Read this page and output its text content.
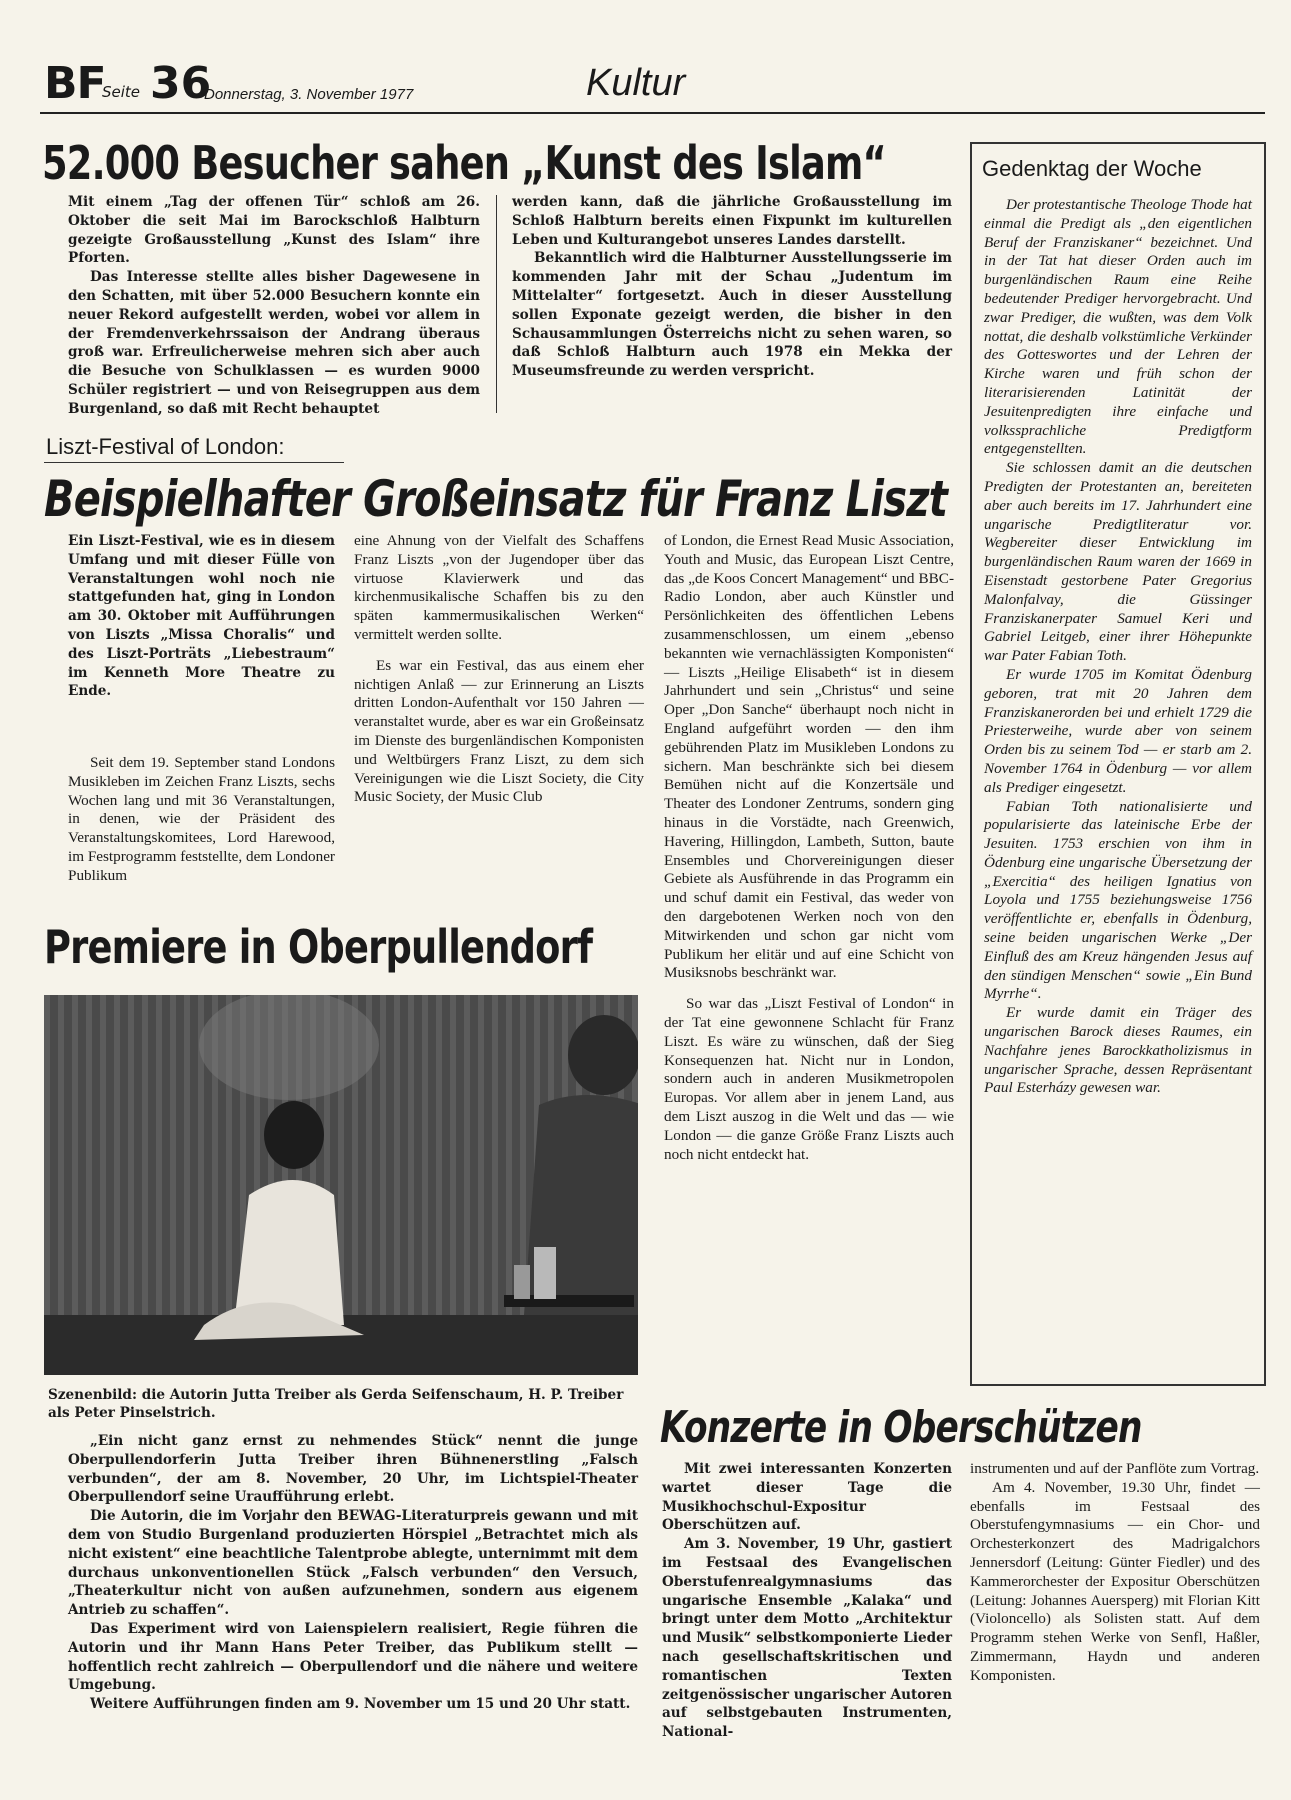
BF
Seite 36
Donnerstag, 3. November 1977	Kultur
52.000 Besucher sahen „Kunst des Islam“

Mit einem „Tag der offenen Tür“ schloß am 26. Oktober die seit Mai im Barockschloß Halbturn gezeigte Großausstellung „Kunst des Islam“ ihre Pforten.

Das Interesse stellte alles bisher Dagewesene in den Schatten, mit über 52.000 Besuchern konnte ein neuer Rekord aufgestellt werden, wobei vor allem in der Fremdenverkehrssaison der Andrang überaus groß war. Erfreulicherweise mehren sich aber auch die Besuche von Schulklassen — es wurden 9000 Schüler registriert — und von Reisegruppen aus dem Burgenland, so daß mit Recht behauptet

werden kann, daß die jährliche Großausstellung im Schloß Halbturn bereits einen Fixpunkt im kulturellen Leben und Kulturangebot unseres Landes darstellt.

Bekanntlich wird die Halbturner Ausstellungsserie im kommenden Jahr mit der Schau „Judentum im Mittelalter“ fortgesetzt. Auch in dieser Ausstellung sollen Exponate gezeigt werden, die bisher in den Schausammlungen Österreichs nicht zu sehen waren, so daß Schloß Halbturn auch 1978 ein Mekka der Museumsfreunde zu werden verspricht.

Liszt-Festival of London:
Beispielhafter Großeinsatz für Franz Liszt

Ein Liszt-Festival, wie es in diesem Umfang und mit dieser Fülle von Veranstaltungen wohl noch nie stattgefunden hat, ging in London am 30. Oktober mit Aufführungen von Liszts „Missa Choralis“ und des Liszt-Porträts „Liebestraum“ im Kenneth More Theatre zu Ende.

Seit dem 19. September stand Londons Musikleben im Zeichen Franz Liszts, sechs Wochen lang und mit 36 Veranstaltungen, in denen, wie der Präsident des Veranstaltungskomitees, Lord Harewood, im Festprogramm feststellte, dem Londoner Publikum

eine Ahnung von der Vielfalt des Schaffens Franz Liszts „von der Jugendoper über das virtuose Klavierwerk und das kirchenmusikalische Schaffen bis zu den späten kammermusikalischen Werken“ vermittelt werden sollte.

Es war ein Festival, das aus einem eher nichtigen Anlaß — zur Erinnerung an Liszts dritten London-Aufenthalt vor 150 Jahren — veranstaltet wurde, aber es war ein Großeinsatz im Dienste des burgenländischen Komponisten und Weltbürgers Franz Liszt, zu dem sich Vereinigungen wie die Liszt Society, die City Music Society, der Music Club

of London, die Ernest Read Music Association, Youth and Music, das European Liszt Centre, das „de Koos Concert Management“ und BBC-Radio London, aber auch Künstler und Persönlichkeiten des öffentlichen Lebens zusammenschlossen, um einem „ebenso bekannten wie vernachlässigten Komponisten“ — Liszts „Heilige Elisabeth“ ist in diesem Jahrhundert und sein „Christus“ und seine Oper „Don Sanche“ überhaupt noch nicht in England aufgeführt worden — den ihm gebührenden Platz im Musikleben Londons zu sichern. Man beschränkte sich bei diesem Bemühen nicht auf die Konzertsäle und Theater des Londoner Zentrums, sondern ging hinaus in die Vorstädte, nach Greenwich, Havering, Hillingdon, Lambeth, Sutton, baute Ensembles und Chorvereinigungen dieser Gebiete als Ausführende in das Programm ein und schuf damit ein Festival, das weder von den dargebotenen Werken noch von den Mitwirkenden und schon gar nicht vom Publikum her elitär und auf eine Schicht von Musiksnobs beschränkt war.

So war das „Liszt Festival of London“ in der Tat eine gewonnene Schlacht für Franz Liszt. Es wäre zu wünschen, daß der Sieg Konsequenzen hat. Nicht nur in London, sondern auch in anderen Musikmetropolen Europas. Vor allem aber in jenem Land, aus dem Liszt auszog in die Welt und das — wie London — die ganze Größe Franz Liszts auch noch nicht entdeckt hat.

Premiere in Oberpullendorf
Szenenbild: die Autorin Jutta Treiber als Gerda Seifenschaum, H. P. Treiber als Peter Pinselstrich.

„Ein nicht ganz ernst zu nehmendes Stück“ nennt die junge Oberpullendorferin Jutta Treiber ihren Bühnenerstling „Falsch verbunden“, der am 8. November, 20 Uhr, im Lichtspiel-Theater Oberpullendorf seine Uraufführung erlebt.

Die Autorin, die im Vorjahr den BEWAG-Literaturpreis gewann und mit dem von Studio Burgenland produzierten Hörspiel „Betrachtet mich als nicht existent“ eine beachtliche Talentprobe ablegte, unternimmt mit dem durchaus unkonventionellen Stück „Falsch verbunden“ den Versuch, „Theaterkultur nicht von außen aufzunehmen, sondern aus eigenem Antrieb zu schaffen“.

Das Experiment wird von Laienspielern realisiert, Regie führen die Autorin und ihr Mann Hans Peter Treiber, das Publikum stellt — hoffentlich recht zahlreich — Oberpullendorf und die nähere und weitere Umgebung.

Weitere Aufführungen finden am 9. November um 15 und 20 Uhr statt.

Konzerte in Oberschützen

Mit zwei interessanten Konzerten wartet dieser Tage die Musikhochschul-Expositur Oberschützen auf.

Am 3. November, 19 Uhr, gastiert im Festsaal des Evangelischen Oberstufenrealgymnasiums das ungarische Ensemble „Kalaka“ und bringt unter dem Motto „Architektur und Musik“ selbstkomponierte Lieder nach gesellschaftskritischen und romantischen Texten zeitgenössischer ungarischer Autoren auf selbstgebauten Instrumenten, National-

instrumenten und auf der Panflöte zum Vortrag.

Am 4. November, 19.30 Uhr, findet — ebenfalls im Festsaal des Oberstufengymnasiums — ein Chor- und Orchesterkonzert des Madrigalchors Jennersdorf (Leitung: Günter Fiedler) und des Kammerorchester der Expositur Oberschützen (Leitung: Johannes Auersperg) mit Florian Kitt (Violoncello) als Solisten statt. Auf dem Programm stehen Werke von Senfl, Haßler, Zimmermann, Haydn und anderen Komponisten.

Gedenktag der Woche

Der protestantische Theologe Thode hat einmal die Predigt als „den eigentlichen Beruf der Franziskaner“ bezeichnet. Und in der Tat hat dieser Orden auch im burgenländischen Raum eine Reihe bedeutender Prediger hervorgebracht. Und zwar Prediger, die wußten, was dem Volk nottat, die deshalb volkstümliche Verkünder des Gotteswortes und der Lehren der Kirche waren und früh schon der literarisierenden Latinität der Jesuitenpredigten ihre einfache und volkssprachliche Predigtform entgegenstellten.

Sie schlossen damit an die deutschen Predigten der Protestanten an, bereiteten aber auch bereits im 17. Jahrhundert eine ungarische Predigtliteratur vor. Wegbereiter dieser Entwicklung im burgenländischen Raum waren der 1669 in Eisenstadt gestorbene Pater Gregorius Malonfalvay, die Güssinger Franziskanerpater Samuel Keri und Gabriel Leitgeb, einer ihrer Höhepunkte war Pater Fabian Toth.

Er wurde 1705 im Komitat Ödenburg geboren, trat mit 20 Jahren dem Franziskanerorden bei und erhielt 1729 die Priesterweihe, wurde aber von seinem Orden bis zu seinem Tod — er starb am 2. November 1764 in Ödenburg — vor allem als Prediger eingesetzt.

Fabian Toth nationalisierte und popularisierte das lateinische Erbe der Jesuiten. 1753 erschien von ihm in Ödenburg eine ungarische Übersetzung der „Exercitia“ des heiligen Ignatius von Loyola und 1755 beziehungsweise 1756 veröffentlichte er, ebenfalls in Ödenburg, seine beiden ungarischen Werke „Der Einfluß des am Kreuz hängenden Jesus auf den sündigen Menschen“ sowie „Ein Bund Myrrhe“.

Er wurde damit ein Träger des ungarischen Barock dieses Raumes, ein Nachfahre jenes Barockkatholizismus in ungarischer Sprache, dessen Repräsentant Paul Esterházy gewesen war.
